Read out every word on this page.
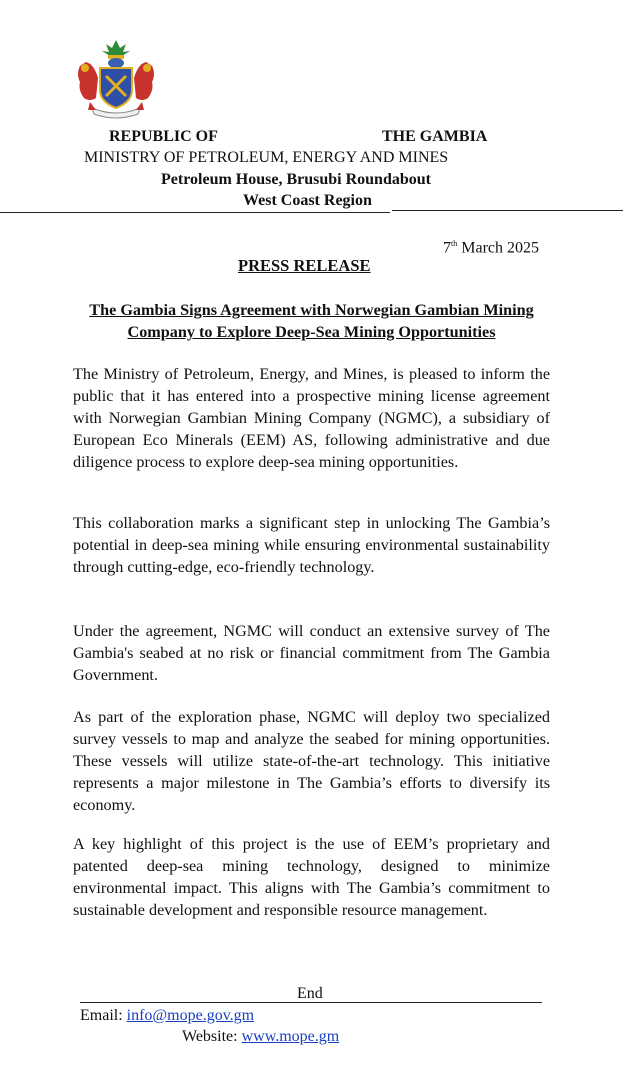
REPUBLIC OF	THE GAMBIA
MINISTRY OF PETROLEUM, ENERGY AND MINES
Petroleum House, Brusubi Roundabout
West Coast Region
7th March 2025
PRESS RELEASE
The Gambia Signs Agreement with Norwegian Gambian Mining Company to Explore Deep-Sea Mining Opportunities

The Ministry of Petroleum, Energy, and Mines, is pleased to inform the public that it has entered into a prospective mining license agreement with Norwegian Gambian Mining Company (NGMC), a subsidiary of European Eco Minerals (EEM) AS, following administrative and due diligence process to explore deep-sea mining opportunities.

This collaboration marks a significant step in unlocking The Gambia’s potential in deep-sea mining while ensuring environmental sustainability through cutting-edge, eco-friendly technology.

Under the agreement, NGMC will conduct an extensive survey of The Gambia's seabed at no risk or financial commitment from The Gambia Government.

As part of the exploration phase, NGMC will deploy two specialized survey vessels to map and analyze the seabed for mining opportunities. These vessels will utilize state-of-the-art technology. This initiative represents a major milestone in The Gambia’s efforts to diversify its economy.

A key highlight of this project is the use of EEM’s proprietary and patented deep-sea mining technology, designed to minimize environmental impact. This aligns with The Gambia’s commitment to sustainable development and responsible resource management.

End
Email: info@mope.gov.gm
Website: www.mope.gm
